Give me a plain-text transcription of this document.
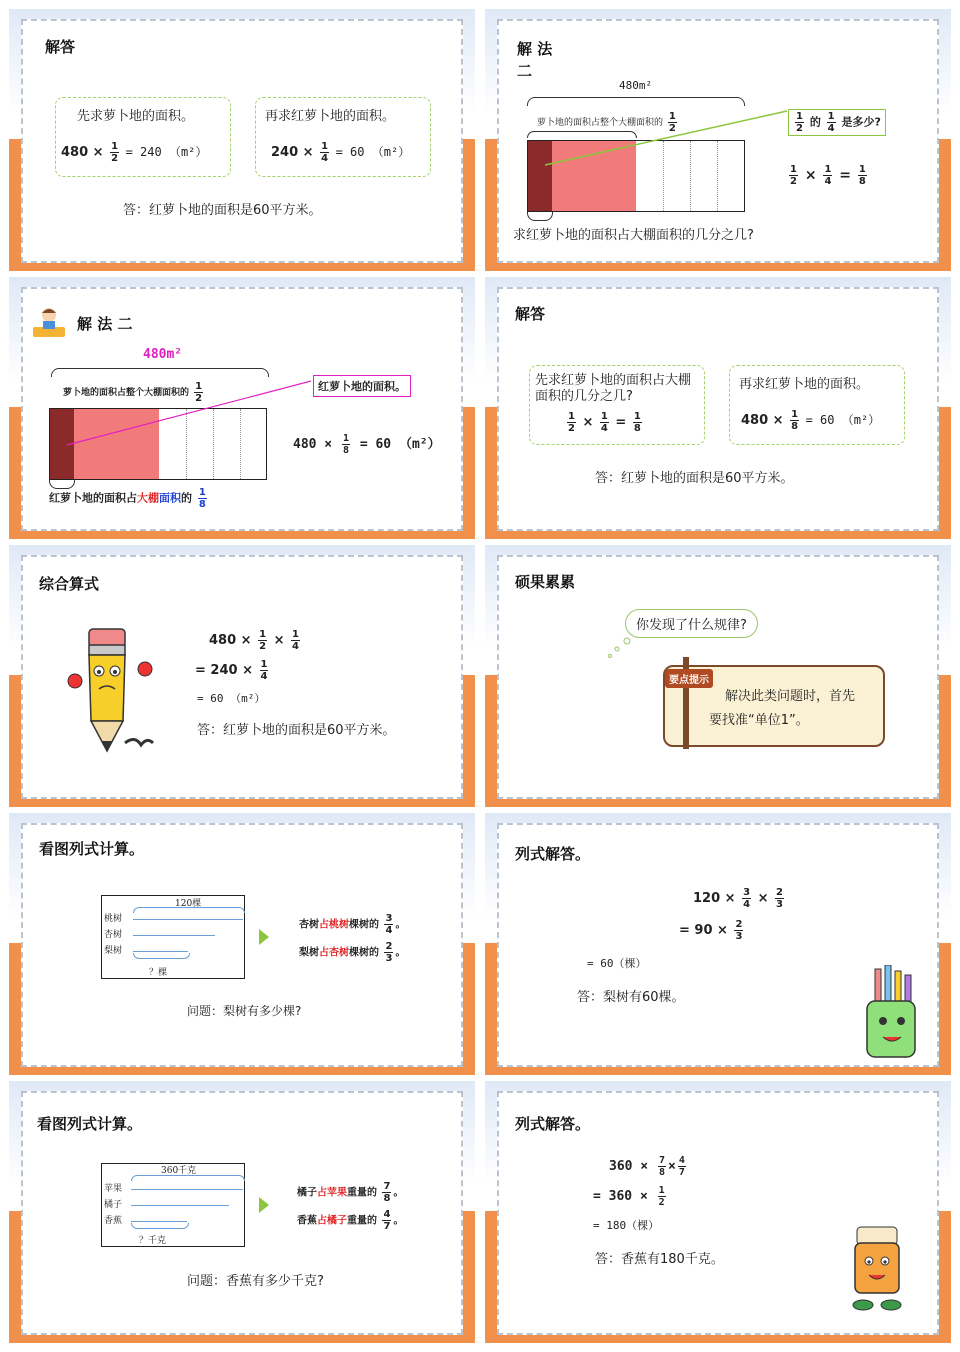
解答
先求萝卜地的面积。
$480 \times \frac{1}{2} = 240$ （m²）
再求红萝卜地的面积。
$240 \times \frac{1}{4} = 60$ （m²）
答：红萝卜地的面积是60平方米。
解 法
二
480m²
萝卜地的面积占整个大棚面积的 $\frac{1}{2}$	$\frac{1}{2}$ 的 $\frac{1}{4}$ 是多少?
$\frac{1}{2} \times \frac{1}{4} = \frac{1}{8}$
求红萝卜地的面积占大棚面积的几分之几?
解 法 二
480m²
萝卜地的面积占整个大棚面积的 $\frac{1}{2}$	红萝卜地的面积。
$480 \times \frac{1}{8} = 60$ （m²）
红萝卜地的面积占大棚面积的 $\frac{1}{8}$
解答
先求红萝卜地的面积占大棚面积的几分之几?
$\frac{1}{2} \times \frac{1}{4} = \frac{1}{8}$
再求红萝卜地的面积。
$480 \times \frac{1}{8} = 60$ （m²）
答：红萝卜地的面积是60平方米。
综合算式
$480 \times \frac{1}{2} \times \frac{1}{4}$
= $240 \times \frac{1}{4}$
= 60 （m²）
答：红萝卜地的面积是60平方米。
硕果累累
你发现了什么规律?
要点提示
解决此类问题时，首先
要找准“单位1”。
看图列式计算。
120棵
桃树
杏树
梨树
？棵
杏树占桃树棵树的 $\frac{3}{4}$ 。
梨树占杏树棵树的 $\frac{2}{3}$ 。
问题：梨树有多少棵?
列式解答。
$120 \times \frac{3}{4} \times \frac{2}{3}$
= $90 \times \frac{2}{3}$
= 60（棵）
答：梨树有60棵。
看图列式计算。
360千克
苹果
橘子
香蕉
？千克
橘子占苹果重量的 $\frac{7}{8}$ 。
香蕉占橘子重量的 $\frac{4}{7}$ 。
问题：香蕉有多少千克?
列式解答。
$360 \times \frac{7}{8} \times \frac{4}{7}$
= $360 \times \frac{1}{2}$
= 180（棵）
答：香蕉有180千克。
